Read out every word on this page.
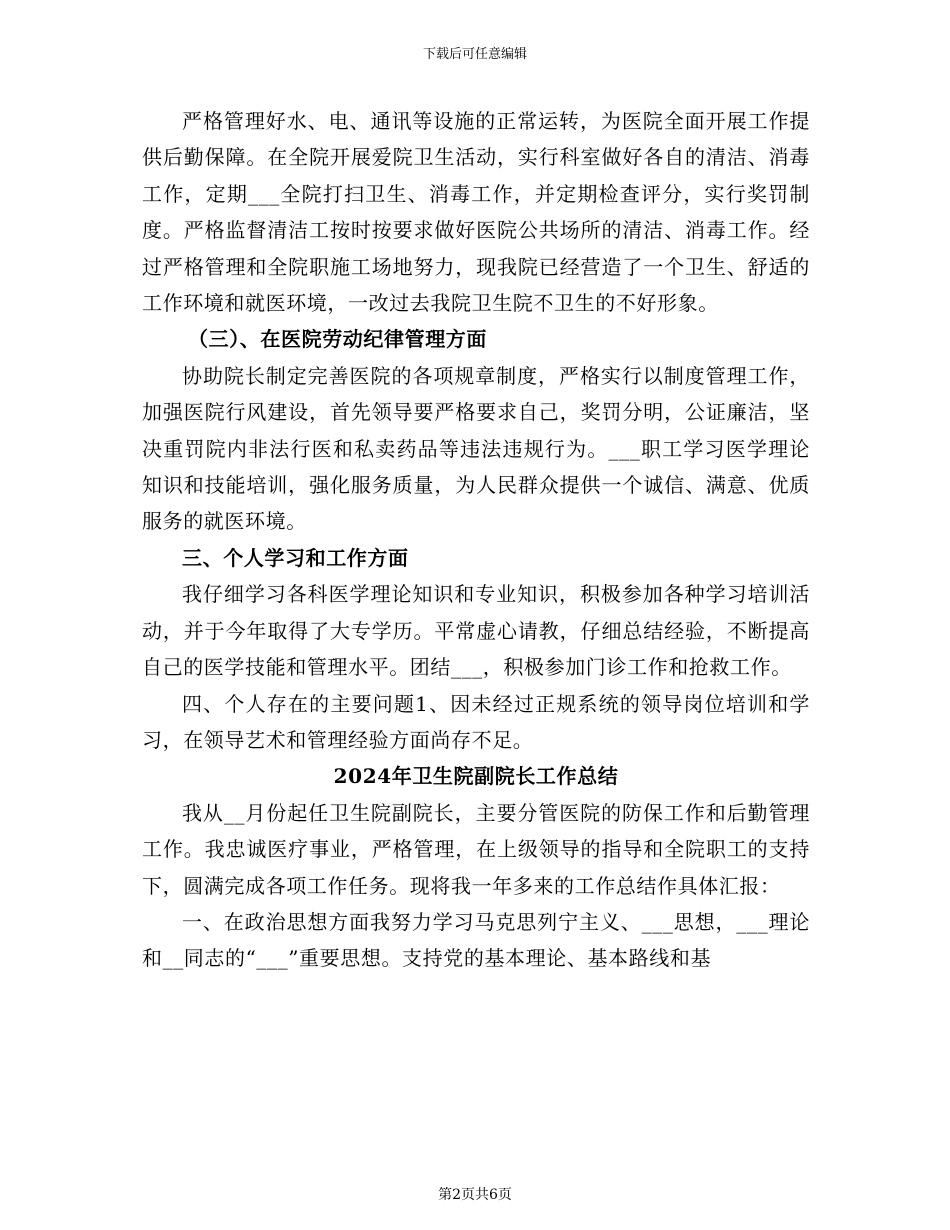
下载后可任意编辑

严格管理好水、电、通讯等设施的正常运转，为医院全面开展工作提供后勤保障。在全院开展爱院卫生活动，实行科室做好各自的清洁、消毒工作，定期___全院打扫卫生、消毒工作，并定期检查评分，实行奖罚制度。严格监督清洁工按时按要求做好医院公共场所的清洁、消毒工作。经过严格管理和全院职施工场地努力，现我院已经营造了一个卫生、舒适的工作环境和就医环境，一改过去我院卫生院不卫生的不好形象。

（三）、在医院劳动纪律管理方面

协助院长制定完善医院的各项规章制度，严格实行以制度管理工作，加强医院行风建设，首先领导要严格要求自己，奖罚分明，公证廉洁，坚决重罚院内非法行医和私卖药品等违法违规行为。___职工学习医学理论知识和技能培训，强化服务质量，为人民群众提供一个诚信、满意、优质服务的就医环境。

三、个人学习和工作方面

我仔细学习各科医学理论知识和专业知识，积极参加各种学习培训活动，并于今年取得了大专学历。平常虚心请教，仔细总结经验，不断提高自己的医学技能和管理水平。团结___，积极参加门诊工作和抢救工作。

四、个人存在的主要问题1、因未经过正规系统的领导岗位培训和学习，在领导艺术和管理经验方面尚存不足。

2024年卫生院副院长工作总结

我从__月份起任卫生院副院长，主要分管医院的防保工作和后勤管理工作。我忠诚医疗事业，严格管理，在上级领导的指导和全院职工的支持下，圆满完成各项工作任务。现将我一年多来的工作总结作具体汇报：

一、在政治思想方面我努力学习马克思列宁主义、___思想，___理论和__同志的“___”重要思想。支持党的基本理论、基本路线和基

第2页共6页
